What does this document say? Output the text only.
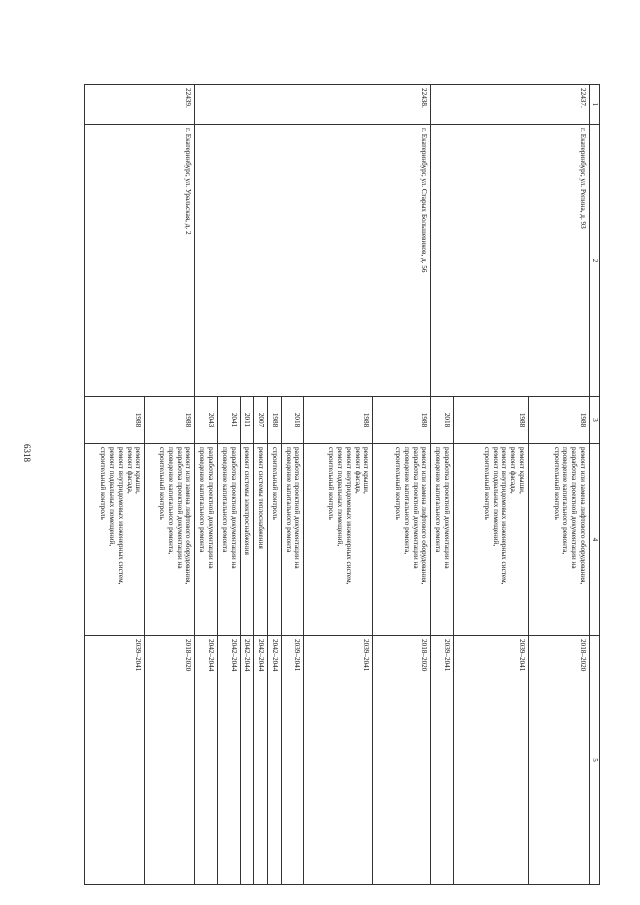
6318
1	2	3	4	5
22437.	г. Екатеринбург, ул. Репина, д. 93	1988	ремонт или замена лифтового оборудования,
разработка проектной документации на
проведение капитального ремонта,
строительный контроль	2018–2020
		1988	ремонт крыши,
ремонт фасада,
ремонт внутридомовых инженерных систем,
ремонт подвальных помещений,
строительный контроль	2039–2041
		2018	разработка проектной документации на
проведение капитального ремонта	2039–2041
22438.	г. Екатеринбург, ул. Старых Большевиков, д. 56	1988	ремонт или замена лифтового оборудования,
разработка проектной документации на
проведение капитального ремонта,
строительный контроль	2018–2020
		1988	ремонт крыши,
ремонт фасада,
ремонт внутридомовых инженерных систем,
ремонт подвальных помещений,
строительный контроль	2039–2041
		2018	разработка проектной документации на
проведение капитального ремонта	2039–2041
		1988	строительный контроль	2042–2044
		2007	ремонт системы теплоснабжения	2042–2044
		2011	ремонт системы электроснабжения	2042–2044
		2041	разработка проектной документации на
проведение капитального ремонта	2042–2044
		2043	разработка проектной документации на
проведение капитального ремонта	2042–2044
22439.	г. Екатеринбург, ул. Уральская, д. 2	1988	ремонт или замена лифтового оборудования,
разработка проектной документации на
проведение капитального ремонта,
строительный контроль	2018–2020
		1988	ремонт крыши,
ремонт фасада,
ремонт внутридомовых инженерных систем,
ремонт подвальных помещений,
строительный контроль	2039–2041
